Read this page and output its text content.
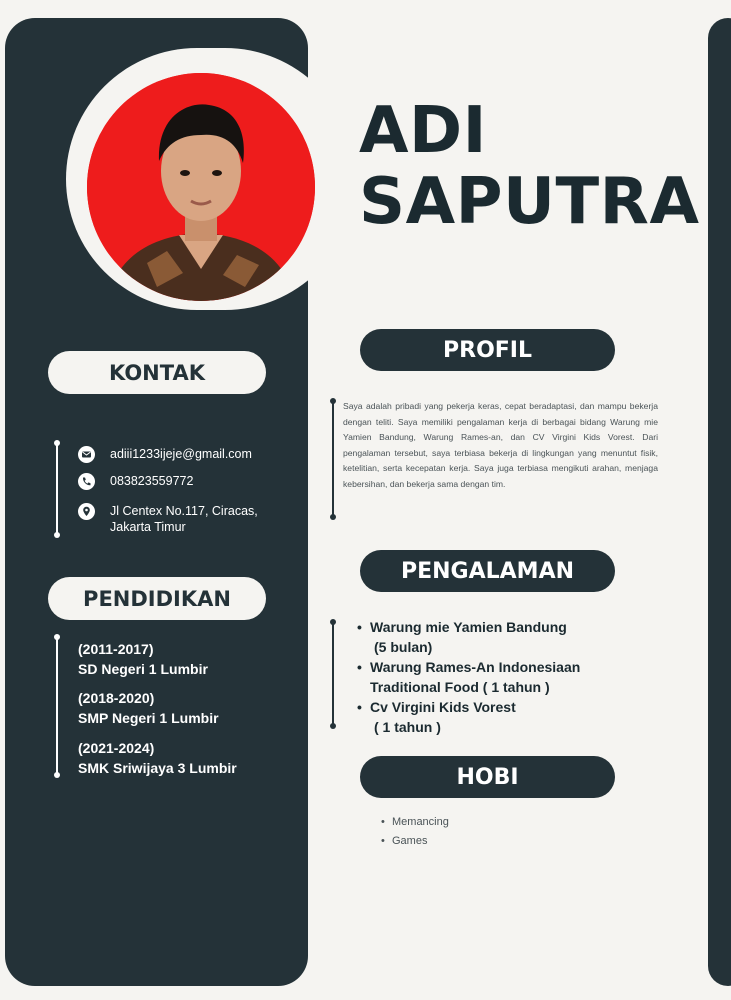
ADI
SAPUTRA
KONTAK
adiii1233ijeje@gmail.com
083823559772
Jl Centex No.117, Ciracas,
Jakarta Timur
PENDIDIKAN
(2011-2017)
SD Negeri 1 Lumbir
(2018-2020)
SMP Negeri 1 Lumbir
(2021-2024)
SMK Sriwijaya 3 Lumbir
PROFIL
Saya adalah pribadi yang pekerja keras, cepat beradaptasi, dan mampu bekerja dengan teliti. Saya memiliki pengalaman kerja di berbagai bidang Warung mie Yamien Bandung, Warung Rames-an, dan CV Virgini Kids Vorest. Dari pengalaman tersebut, saya terbiasa bekerja di lingkungan yang menuntut fisik, ketelitian, serta kecepatan kerja. Saya juga terbiasa mengikuti arahan, menjaga kebersihan, dan bekerja sama dengan tim.
PENGALAMAN
• Warung mie Yamien Bandung
(5 bulan)
• Warung Rames-An Indonesiaan
Traditional Food ( 1 tahun )
• Cv Virgini Kids Vorest
( 1 tahun )
HOBI
• Memancing
• Games
